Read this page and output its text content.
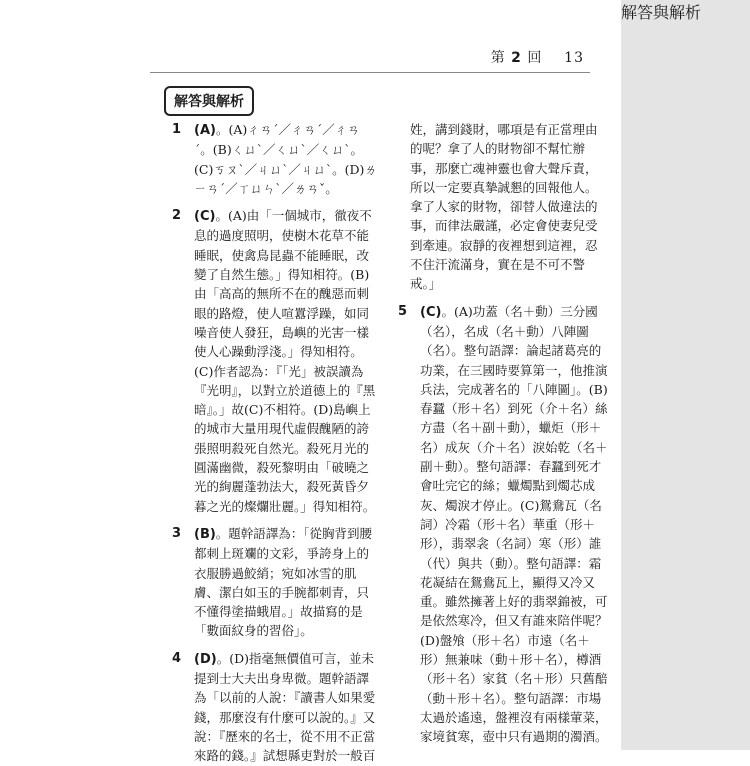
解答與解析
第 2 回 13
解答與解析
1 (A)。(A)ㄔㄢˊ／ㄔㄢˊ／ㄔㄢˊ。(B)ㄑㄩˋ／ㄑㄩˋ／ㄑㄩˋ。(C)ㄎㄡˋ／ㄐㄩˋ／ㄐㄩˋ。(D)ㄌㄧㄢˊ／ㄒㄩㄣˋ／ㄌㄢˇ。
2 (C)。(A)由「一個城市，徹夜不息的過度照明，使樹木花草不能睡眠，使禽鳥昆蟲不能睡眠，改變了自然生態。」得知相符。(B)由「高高的無所不在的醜惡而刺眼的路燈，使人喧囂浮躁，如同噪音使人發狂，島嶼的光害一樣使人心躁動浮淺。」得知相符。(C)作者認為：『「光」被誤讀為『光明』，以對立於道德上的『黑暗』。」故(C)不相符。(D)島嶼上的城市大量用現代虛假醜陋的誇張照明殺死自然光。殺死月光的圓滿幽微，殺死黎明由「破曉之光的絢麗蓬勃法大，殺死黃昏夕暮之光的燦爛壯麗。」得知相符。
3 (B)。題幹語譯為：「從胸背到腰都刺上斑斕的文彩，爭誇身上的衣服勝過鮫綃；宛如冰雪的肌膚、潔白如玉的手腕都刺青，只不懂得塗描蛾眉。」故描寫的是「數面紋身的習俗」。
4 (D)。(D)指毫無價值可言，並未提到士大夫出身卑微。題幹語譯為「以前的人說：『讀書人如果愛錢，那麼沒有什麼可以說的。』又說：『歷來的名士，從不用不正當來路的錢。』試想縣吏對於一般百
姓，講到錢財，哪項是有正當理由的呢？拿了人的財物卻不幫忙辦事，那麼亡魂神靈也會大聲斥責，所以一定要真摯誠懇的回報他人。拿了人家的財物，卻替人做違法的事，而律法嚴謹，必定會使妻兒受到牽連。寂靜的夜裡想到這裡，忍不住汗流滿身，實在是不可不警戒。」
5 (C)。(A)功蓋（名＋動）三分國（名），名成（名＋動）八陣圖（名）。整句語譯：論起諸葛亮的功業，在三國時要算第一，他推演兵法，完成著名的「八陣圖」。(B)春蠶（形＋名）到死（介＋名）絲方盡（名＋副＋動），蠟炬（形＋名）成灰（介＋名）淚始乾（名＋副＋動）。整句語譯：春蠶到死才會吐完它的絲；蠟燭點到燭芯成灰、燭淚才停止。(C)鴛鴦瓦（名詞）冷霜（形＋名）華重（形＋形），翡翠衾（名詞）寒（形）誰（代）與共（動）。整句語譯：霜花凝結在鴛鴦瓦上，顯得又冷又重。雖然擁著上好的翡翠錦被，可是依然寒冷，但又有誰來陪伴呢？(D)盤飧（形＋名）市遠（名＋形）無兼味（動＋形＋名），樽酒（形＋名）家貧（名＋形）只舊醅（動＋形＋名）。整句語譯：市場太過於遙遠，盤裡沒有兩樣葷菜，家境貧寒，壺中只有過期的濁酒。
